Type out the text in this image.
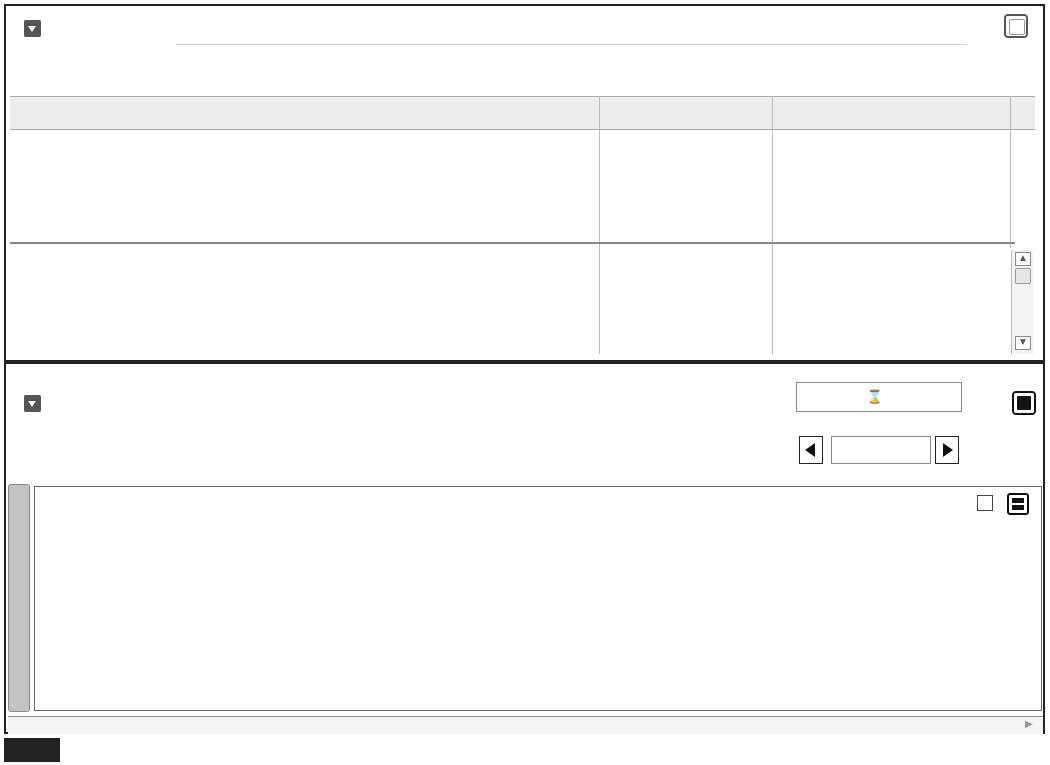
▲
▼
⌛
▶
